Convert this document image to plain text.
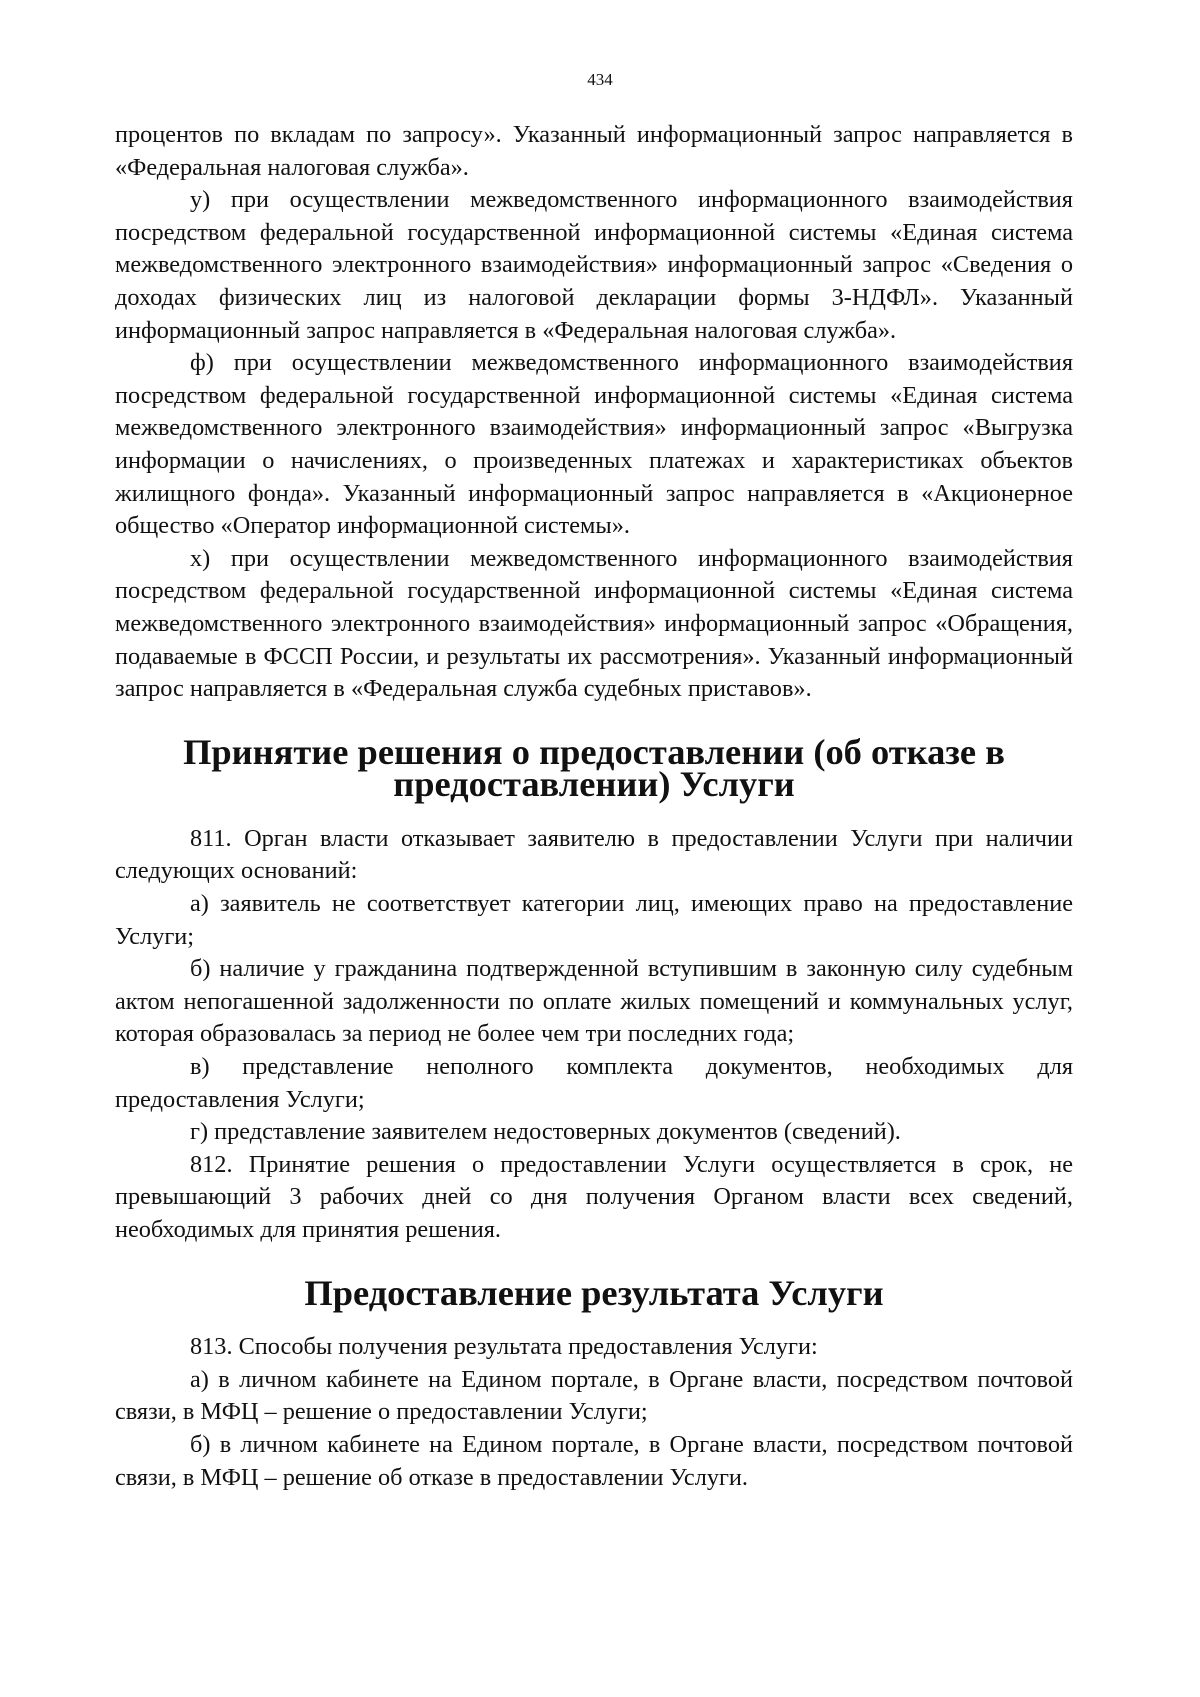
434

процентов по вкладам по запросу». Указанный информационный запрос направляется в «Федеральная налоговая служба».

у) при осуществлении межведомственного информационного взаимодействия посредством федеральной государственной информационной системы «Единая система межведомственного электронного взаимодействия» информационный запрос «Сведения о доходах физических лиц из налоговой декларации формы 3-НДФЛ». Указанный информационный запрос направляется в «Федеральная налоговая служба».

ф) при осуществлении межведомственного информационного взаимодействия посредством федеральной государственной информационной системы «Единая система межведомственного электронного взаимодействия» информационный запрос «Выгрузка информации о начислениях, о произведенных платежах и характеристиках объектов жилищного фонда». Указанный информационный запрос направляется в «Акционерное общество «Оператор информационной системы».

х) при осуществлении межведомственного информационного взаимодействия посредством федеральной государственной информационной системы «Единая система межведомственного электронного взаимодействия» информационный запрос «Обращения, подаваемые в ФССП России, и результаты их рассмотрения». Указанный информационный запрос направляется в «Федеральная служба судебных приставов».

Принятие решения о предоставлении (об отказе в предоставлении) Услуги

811. Орган власти отказывает заявителю в предоставлении Услуги при наличии следующих оснований:

а) заявитель не соответствует категории лиц, имеющих право на предоставление Услуги;

б) наличие у гражданина подтвержденной вступившим в законную силу судебным актом непогашенной задолженности по оплате жилых помещений и коммунальных услуг, которая образовалась за период не более чем три последних года;

в) представление неполного комплекта документов, необходимых для предоставления Услуги;

г) представление заявителем недостоверных документов (сведений).

812. Принятие решения о предоставлении Услуги осуществляется в срок, не превышающий 3 рабочих дней со дня получения Органом власти всех сведений, необходимых для принятия решения.

Предоставление результата Услуги

813. Способы получения результата предоставления Услуги:

а) в личном кабинете на Едином портале, в Органе власти, посредством почтовой связи, в МФЦ – решение о предоставлении Услуги;

б) в личном кабинете на Едином портале, в Органе власти, посредством почтовой связи, в МФЦ – решение об отказе в предоставлении Услуги.
